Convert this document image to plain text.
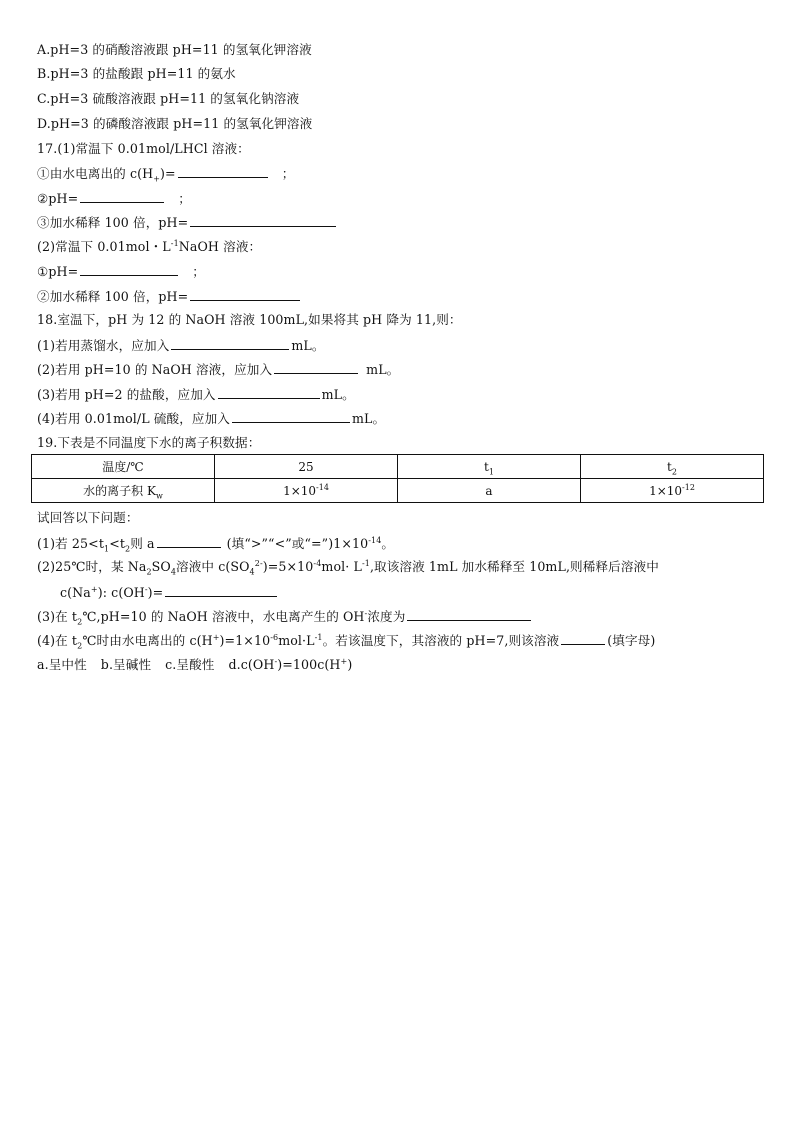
A.pH=3 的硝酸溶液跟 pH=11 的氢氧化钾溶液
B.pH=3 的盐酸跟 pH=11 的氨水
C.pH=3 硫酸溶液跟 pH=11 的氢氧化钠溶液
D.pH=3 的磷酸溶液跟 pH=11 的氢氧化钾溶液
17.(1)常温下 0.01mol/LHCl 溶液：
①由水电离出的 $c(H_+)=$	；
②pH=	；
③加水稀释 100 倍，pH=
(2)常温下 0.01mol・$L^{-1}NaOH$ 溶液：
①pH=	；
②加水稀释 100 倍，pH=
18.室温下，pH 为 12 的 NaOH 溶液 100mL,如果将其 pH 降为 11,则：
(1)若用蒸馏水，应加入	mL。
(2)若用 pH=10 的 NaOH 溶液，应加入	mL。
(3)若用 pH=2 的盐酸，应加入	mL。
(4)若用 0.01mol/L 硫酸，应加入	mL。
19.下表是不同温度下水的离子积数据：
温度/℃	25	$t_1$	$t_2$
水的离子积 $K_w$	$1\times 10^{-14}$	a	$1\times 10^{-12}$
试回答以下问题：
(1)若 $25<t_1<t_2$则 a	(填“>”“<”或“$=”)1\times 10^{-14}$。
(2)25℃时，某 $Na_2SO_4$溶液中 $c(SO_4^{2-})=5\times 10^{-4}mol\cdot L^{-1}$,取该溶液 1mL 加水稀释至 10mL,则稀释后溶液中
c(Na+): c(OH-)=
(3)在 $t_2℃,pH=10$ 的 NaOH 溶液中，水电离产生的 OH-浓度为
(4)在 $t_2℃$时由水电离出的 $c(H^+)=1\times 10^{-6}mol\cdot L^{-1}$。若该温度下，其溶液的 pH=7,则该溶液	(填字母)
a.呈中性 b.呈碱性 c.呈酸性 d.c(OH-)=100c(H+)
